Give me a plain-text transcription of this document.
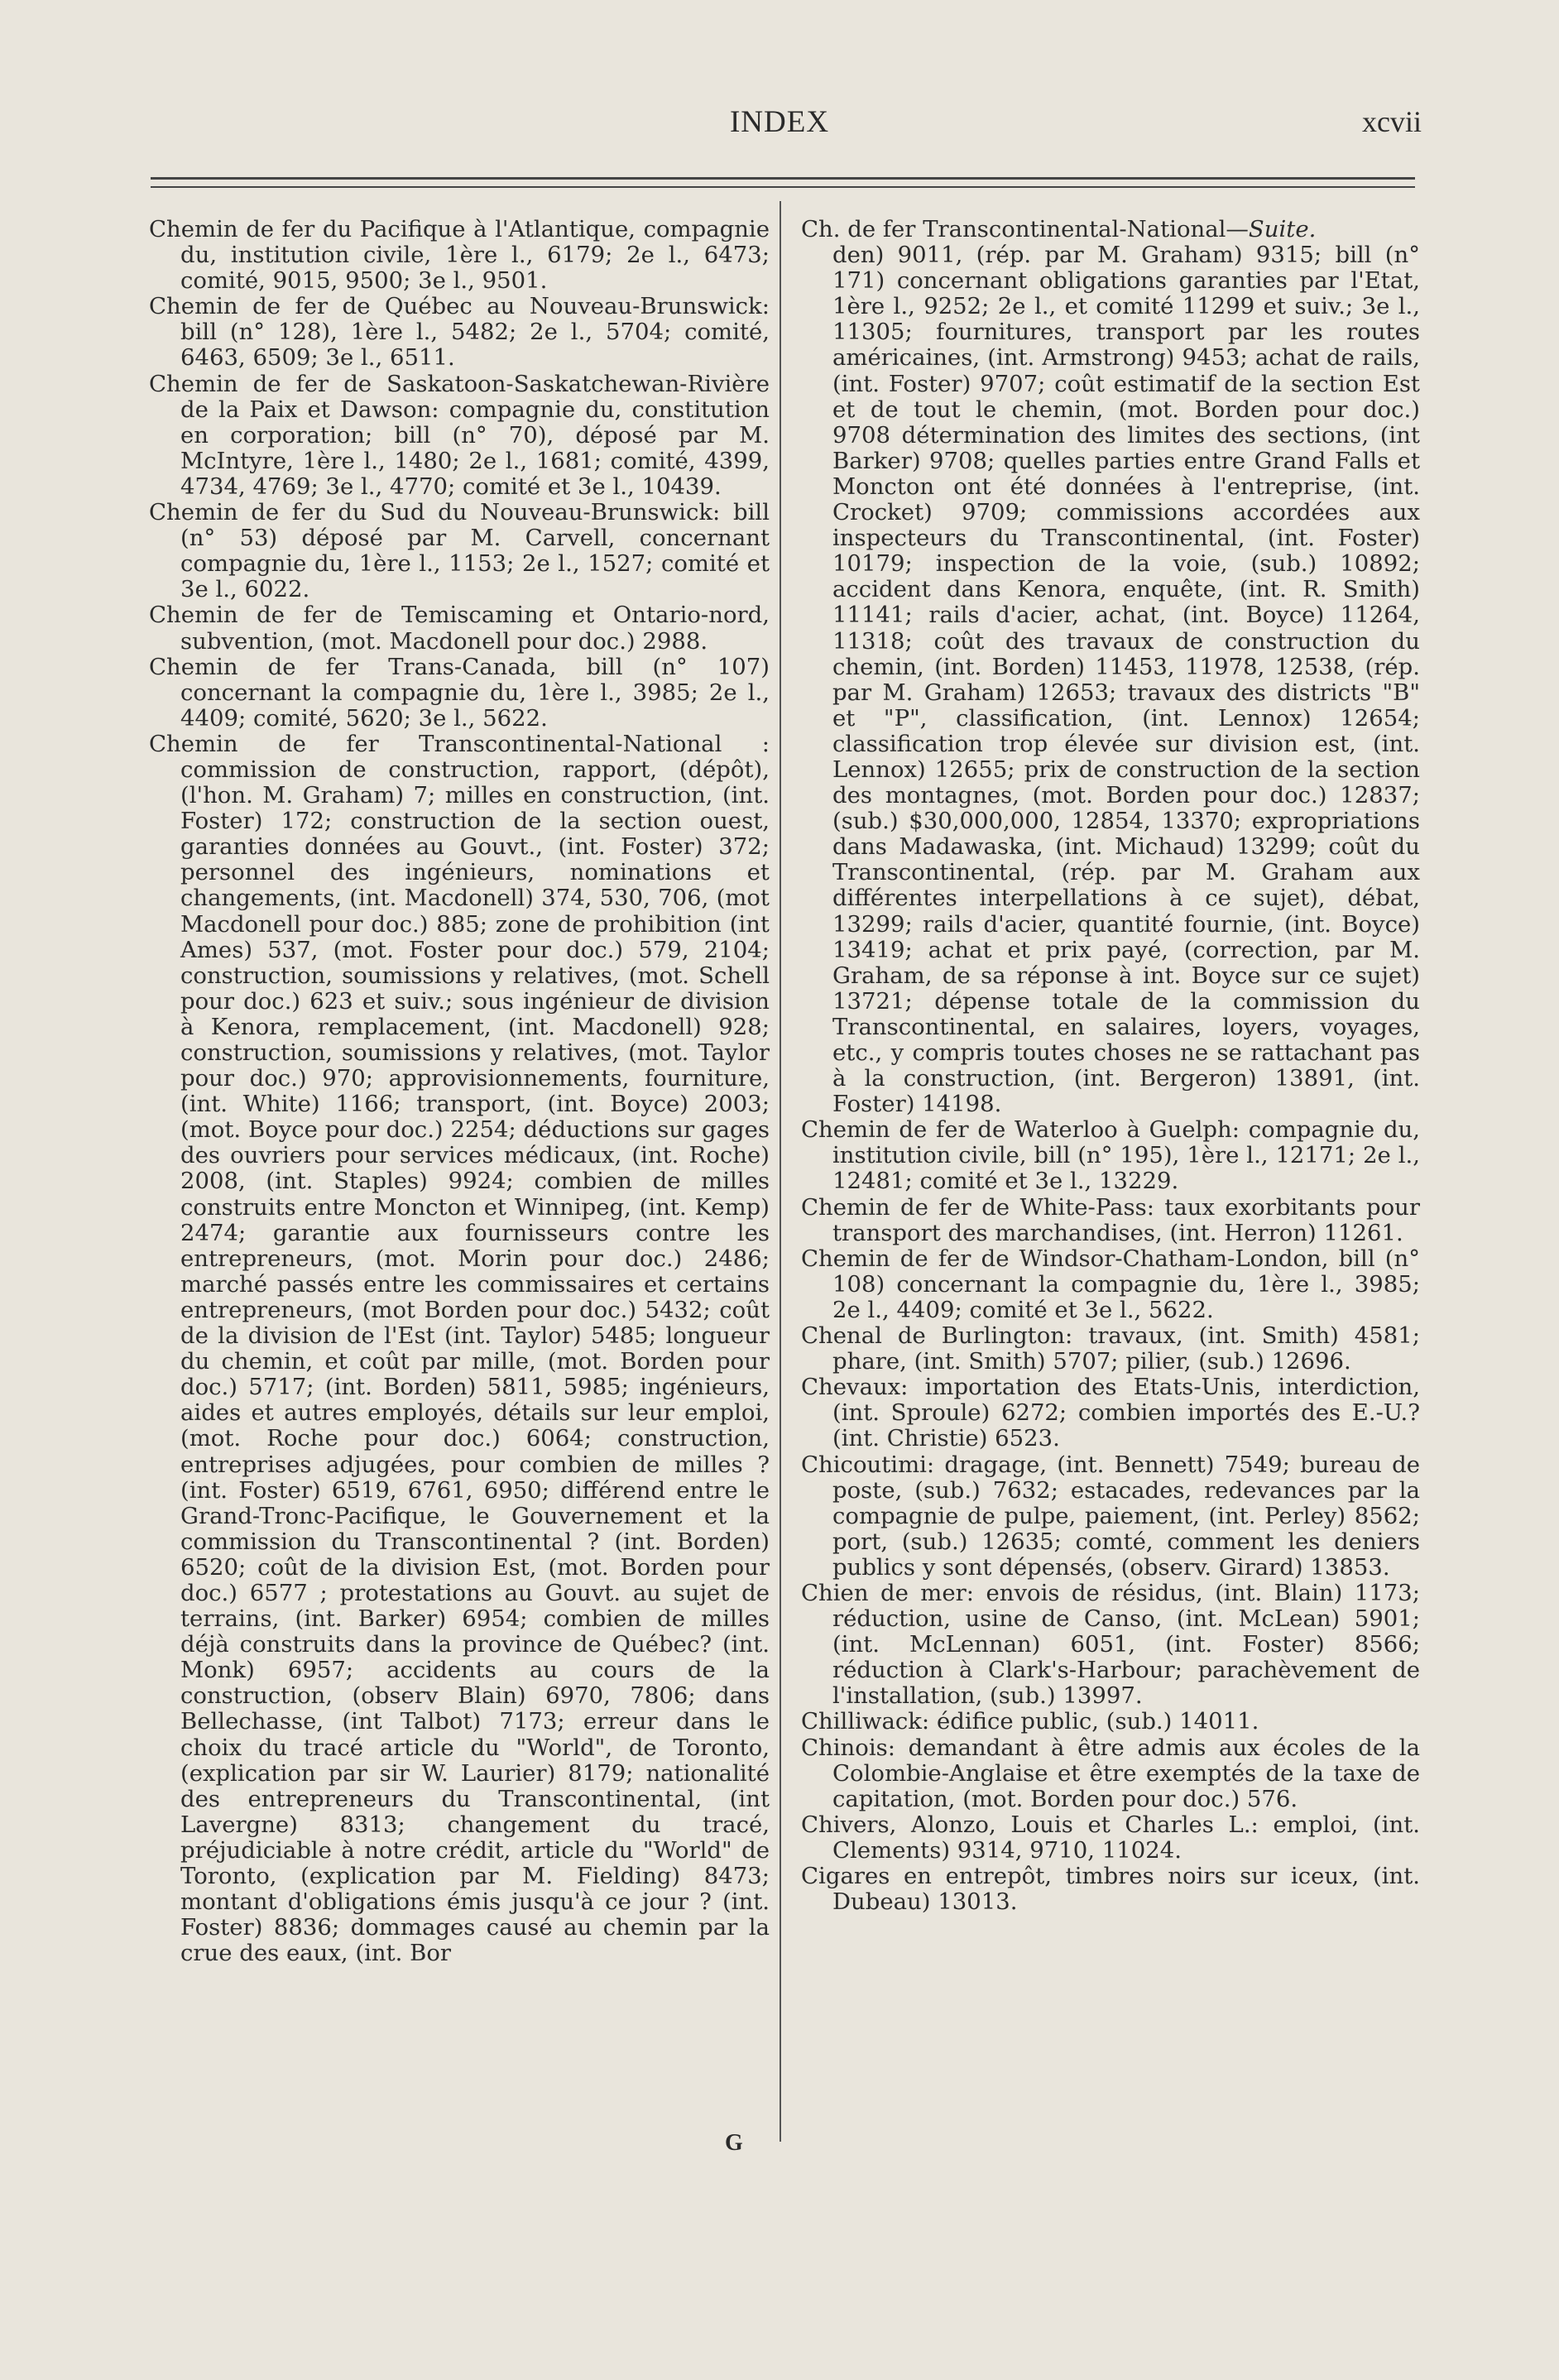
INDEX	xcvii

Chemin de fer du Pacifique à l'Atlantique, compagnie du, institution civile, 1ère l., 6179; 2e l., 6473; comité, 9015, 9500; 3e l., 9501.

Chemin de fer de Québec au Nouveau-Brunswick: bill (n° 128), 1ère l., 5482; 2e l., 5704; comité, 6463, 6509; 3e l., 6511.

Chemin de fer de Saskatoon-Saskatchewan-Rivière de la Paix et Dawson: compagnie du, constitution en corporation; bill (n° 70), déposé par M. McIntyre, 1ère l., 1480; 2e l., 1681; comité, 4399, 4734, 4769; 3e l., 4770; comité et 3e l., 10439.

Chemin de fer du Sud du Nouveau-Brunswick: bill (n° 53) déposé par M. Carvell, concernant compagnie du, 1ère l., 1153; 2e l., 1527; comité et 3e l., 6022.

Chemin de fer de Temiscaming et Ontario-nord, subvention, (mot. Macdonell pour doc.) 2988.

Chemin de fer Trans-Canada, bill (n° 107) concernant la compagnie du, 1ère l., 3985; 2e l., 4409; comité, 5620; 3e l., 5622.

Chemin de fer Transcontinental-National : commission de construction, rapport, (dépôt), (l'hon. M. Graham) 7; milles en construction, (int. Foster) 172; construction de la section ouest, garanties données au Gouvt., (int. Foster) 372; personnel des ingénieurs, nominations et changements, (int. Macdonell) 374, 530, 706, (mot Macdonell pour doc.) 885; zone de prohibition (int Ames) 537, (mot. Foster pour doc.) 579, 2104; construction, soumissions y relatives, (mot. Schell pour doc.) 623 et suiv.; sous ingénieur de division à Kenora, remplacement, (int. Macdonell) 928; construction, soumissions y relatives, (mot. Taylor pour doc.) 970; approvisionnements, fourniture, (int. White) 1166; transport, (int. Boyce) 2003; (mot. Boyce pour doc.) 2254; déductions sur gages des ouvriers pour services médicaux, (int. Roche) 2008, (int. Staples) 9924; combien de milles construits entre Moncton et Winnipeg, (int. Kemp) 2474; garantie aux fournisseurs contre les entrepreneurs, (mot. Morin pour doc.) 2486; marché passés entre les commissaires et certains entrepreneurs, (mot Borden pour doc.) 5432; coût de la division de l'Est (int. Taylor) 5485; longueur du chemin, et coût par mille, (mot. Borden pour doc.) 5717; (int. Borden) 5811, 5985; ingénieurs, aides et autres employés, détails sur leur emploi, (mot. Roche pour doc.) 6064; construction, entreprises adjugées, pour combien de milles ? (int. Foster) 6519, 6761, 6950; différend entre le Grand-Tronc-Pacifique, le Gouvernement et la commission du Transcontinental ? (int. Borden) 6520; coût de la division Est, (mot. Borden pour doc.) 6577 ; protestations au Gouvt. au sujet de terrains, (int. Barker) 6954; combien de milles déjà construits dans la province de Québec? (int. Monk) 6957; accidents au cours de la construction, (observ Blain) 6970, 7806; dans Bellechasse, (int Talbot) 7173; erreur dans le choix du tracé article du "World", de Toronto, (explication par sir W. Laurier) 8179; nationalité des entrepreneurs du Transcontinental, (int Lavergne) 8313; changement du tracé, préjudiciable à notre crédit, article du "World" de Toronto, (explication par M. Fielding) 8473; montant d'obligations émis jusqu'à ce jour ? (int. Foster) 8836; dommages causé au chemin par la crue des eaux, (int. Bor

Ch. de fer Transcontinental-National—Suite.
den) 9011, (rép. par M. Graham) 9315; bill (n° 171) concernant obligations garanties par l'Etat, 1ère l., 9252; 2e l., et comité 11299 et suiv.; 3e l., 11305; fournitures, transport par les routes américaines, (int. Armstrong) 9453; achat de rails, (int. Foster) 9707; coût estimatif de la section Est et de tout le chemin, (mot. Borden pour doc.) 9708 détermination des limites des sections, (int Barker) 9708; quelles parties entre Grand Falls et Moncton ont été données à l'entreprise, (int. Crocket) 9709; commissions accordées aux inspecteurs du Transcontinental, (int. Foster) 10179; inspection de la voie, (sub.) 10892; accident dans Kenora, enquête, (int. R. Smith) 11141; rails d'acier, achat, (int. Boyce) 11264, 11318; coût des travaux de construction du chemin, (int. Borden) 11453, 11978, 12538, (rép. par M. Graham) 12653; travaux des districts "B" et "P", classification, (int. Lennox) 12654; classification trop élevée sur division est, (int. Lennox) 12655; prix de construction de la section des montagnes, (mot. Borden pour doc.) 12837; (sub.) $30,000,000, 12854, 13370; expropriations dans Madawaska, (int. Michaud) 13299; coût du Transcontinental, (rép. par M. Graham aux différentes interpellations à ce sujet), débat, 13299; rails d'acier, quantité fournie, (int. Boyce) 13419; achat et prix payé, (correction, par M. Graham, de sa réponse à int. Boyce sur ce sujet) 13721; dépense totale de la commission du Transcontinental, en salaires, loyers, voyages, etc., y compris toutes choses ne se rattachant pas à la construction, (int. Bergeron) 13891, (int. Foster) 14198.

Chemin de fer de Waterloo à Guelph: compagnie du, institution civile, bill (n° 195), 1ère l., 12171; 2e l., 12481; comité et 3e l., 13229.

Chemin de fer de White-Pass: taux exorbitants pour transport des marchandises, (int. Herron) 11261.

Chemin de fer de Windsor-Chatham-London, bill (n° 108) concernant la compagnie du, 1ère l., 3985; 2e l., 4409; comité et 3e l., 5622.

Chenal de Burlington: travaux, (int. Smith) 4581; phare, (int. Smith) 5707; pilier, (sub.) 12696.

Chevaux: importation des Etats-Unis, interdiction, (int. Sproule) 6272; combien importés des E.-U.? (int. Christie) 6523.

Chicoutimi: dragage, (int. Bennett) 7549; bureau de poste, (sub.) 7632; estacades, redevances par la compagnie de pulpe, paiement, (int. Perley) 8562; port, (sub.) 12635; comté, comment les deniers publics y sont dépensés, (observ. Girard) 13853.

Chien de mer: envois de résidus, (int. Blain) 1173; réduction, usine de Canso, (int. McLean) 5901; (int. McLennan) 6051, (int. Foster) 8566; réduction à Clark's-Harbour; parachèvement de l'installation, (sub.) 13997.

Chilliwack: édifice public, (sub.) 14011.

Chinois: demandant à être admis aux écoles de la Colombie-Anglaise et être exemptés de la taxe de capitation, (mot. Borden pour doc.) 576.

Chivers, Alonzo, Louis et Charles L.: emploi, (int. Clements) 9314, 9710, 11024.

Cigares en entrepôt, timbres noirs sur iceux, (int. Dubeau) 13013.

G
